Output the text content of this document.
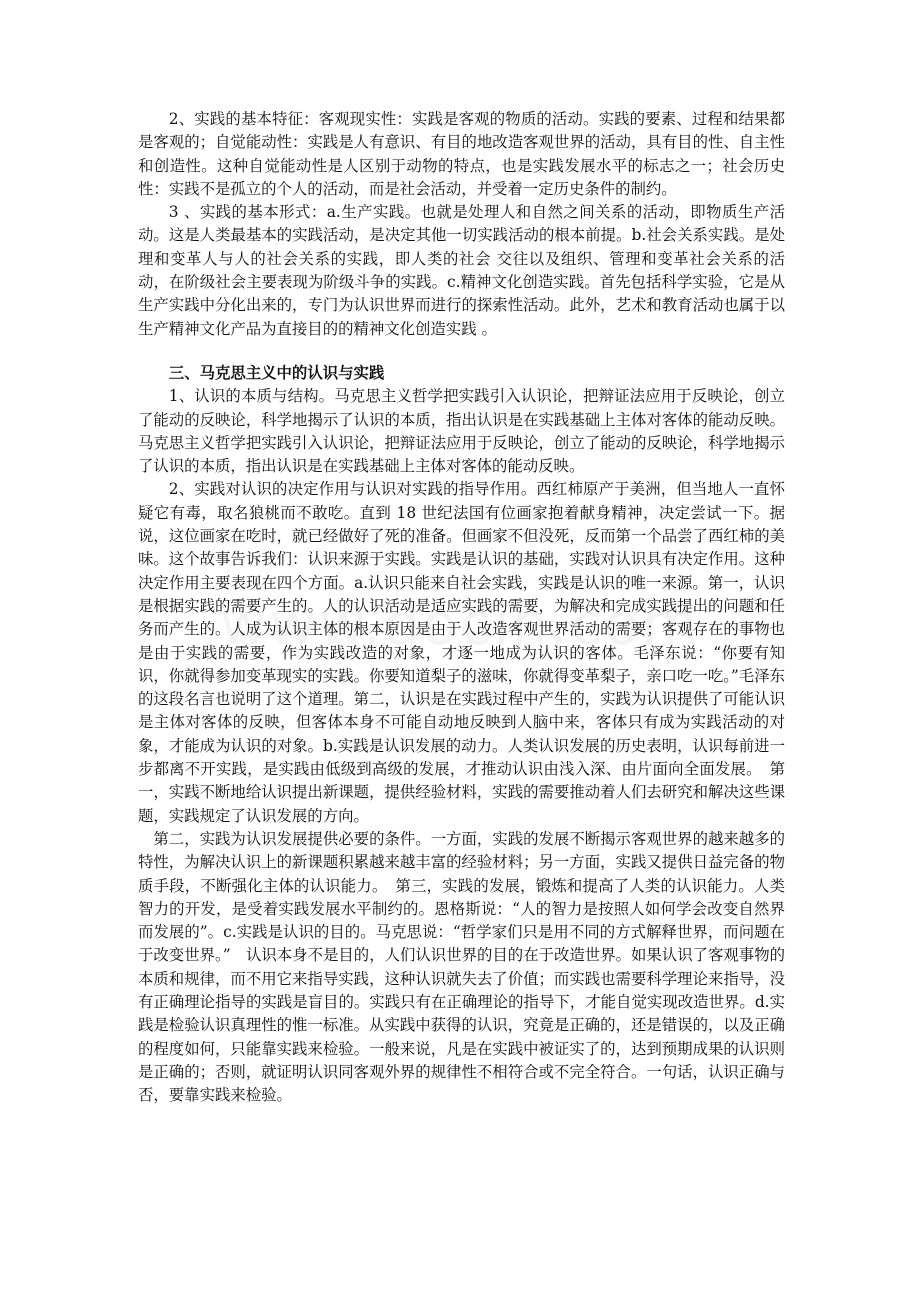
2、实践的基本特征：客观现实性：实践是客观的物质的活动。实践的要素、过程和结果都是客观的；自觉能动性：实践是人有意识、有目的地改造客观世界的活动，具有目的性、自主性和创造性。这种自觉能动性是人区别于动物的特点，也是实践发展水平的标志之一；社会历史性：实践不是孤立的个人的活动，而是社会活动，并受着一定历史条件的制约。

3 、实践的基本形式：a.生产实践。也就是处理人和自然之间关系的活动，即物质生产活动。这是人类最基本的实践活动，是决定其他一切实践活动的根本前提。b.社会关系实践。是处理和变革人与人的社会关系的实践，即人类的社会 交往以及组织、管理和变革社会关系的活动，在阶级社会主要表现为阶级斗争的实践。c.精神文化创造实践。首先包括科学实验，它是从生产实践中分化出来的，专门为认识世界而进行的探索性活动。此外，艺术和教育活动也属于以生产精神文化产品为直接目的的精神文化创造实践 。

三、马克思主义中的认识与实践

1、认识的本质与结构。马克思主义哲学把实践引入认识论，把辩证法应用于反映论，创立了能动的反映论，科学地揭示了认识的本质，指出认识是在实践基础上主体对客体的能动反映。马克思主义哲学把实践引入认识论，把辩证法应用于反映论，创立了能动的反映论，科学地揭示了认识的本质，指出认识是在实践基础上主体对客体的能动反映。

2、实践对认识的决定作用与认识对实践的指导作用。西红柿原产于美洲，但当地人一直怀疑它有毒，取名狼桃而不敢吃。直到 18 世纪法国有位画家抱着献身精神，决定尝试一下。据说，这位画家在吃时，就已经做好了死的准备。但画家不但没死，反而第一个品尝了西红柿的美味。这个故事告诉我们：认识来源于实践。实践是认识的基础，实践对认识具有决定作用。这种决定作用主要表现在四个方面。a.认识只能来自社会实践，实践是认识的唯一来源。第一，认识是根据实践的需要产生的。人的认识活动是适应实践的需要，为解决和完成实践提出的问题和任务而产生的。人成为认识主体的根本原因是由于人改造客观世界活动的需要；客观存在的事物也是由于实践的需要，作为实践改造的对象，才逐一地成为认识的客体。毛泽东说：“你要有知识，你就得参加变革现实的实践。你要知道梨子的滋味，你就得变革梨子，亲口吃一吃。”毛泽东的这段名言也说明了这个道理。第二，认识是在实践过程中产生的，实践为认识提供了可能认识是主体对客体的反映，但客体本身不可能自动地反映到人脑中来，客体只有成为实践活动的对象，才能成为认识的对象。b.实践是认识发展的动力。人类认识发展的历史表明，认识每前进一步都离不开实践，是实践由低级到高级的发展，才推动认识由浅入深、由片面向全面发展。　第一，实践不断地给认识提出新课题，提供经验材料，实践的需要推动着人们去研究和解决这些课题，实践规定了认识发展的方向。

　第二，实践为认识发展提供必要的条件。一方面，实践的发展不断揭示客观世界的越来越多的特性，为解决认识上的新课题积累越来越丰富的经验材料；另一方面，实践又提供日益完备的物质手段，不断强化主体的认识能力。　第三，实践的发展，锻炼和提高了人类的认识能力。人类智力的开发，是受着实践发展水平制约的。恩格斯说：“人的智力是按照人如何学会改变自然界而发展的”。c.实践是认识的目的。马克思说：“哲学家们只是用不同的方式解释世界，而问题在于改变世界。”　认识本身不是目的，人们认识世界的目的在于改造世界。如果认识了客观事物的本质和规律，而不用它来指导实践，这种认识就失去了价值；而实践也需要科学理论来指导，没有正确理论指导的实践是盲目的。实践只有在正确理论的指导下，才能自觉实现改造世界。d.实践是检验认识真理性的惟一标准。从实践中获得的认识，究竟是正确的，还是错误的，以及正确的程度如何，只能靠实践来检验。一般来说，凡是在实践中被证实了的，达到预期成果的认识则是正确的；否则，就证明认识同客观外界的规律性不相符合或不完全符合。一句话，认识正确与否，要靠实践来检验。
